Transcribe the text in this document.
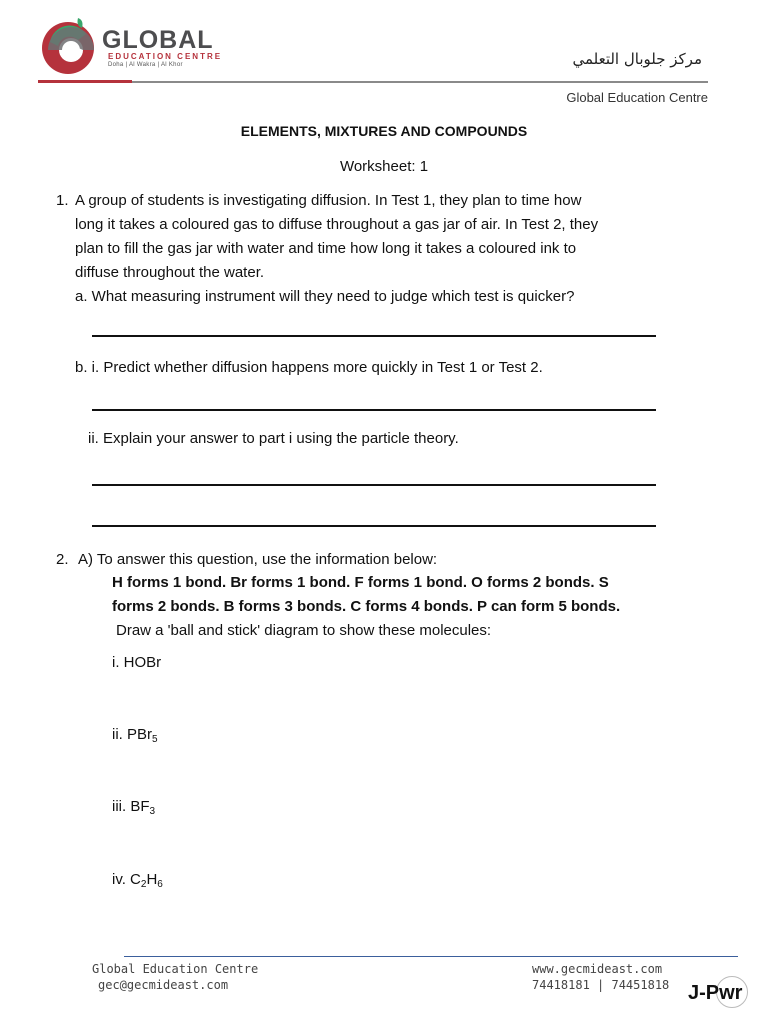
GLOBAL
EDUCATION CENTRE
Doha | Al Wakra | Al Khor	مركز جلوبال التعلمي
Global Education Centre
ELEMENTS, MIXTURES AND COMPOUNDS
Worksheet: 1
1. A group of students is investigating diffusion. In Test 1, they plan to time how
long it takes a coloured gas to diffuse throughout a gas jar of air. In Test 2, they
plan to fill the gas jar with water and time how long it takes a coloured ink to
diffuse throughout the water.
a. What measuring instrument will they need to judge which test is quicker?
b. i. Predict whether diffusion happens more quickly in Test 1 or Test 2.
ii. Explain your answer to part i using the particle theory.
2. A) To answer this question, use the information below:
H forms 1 bond. Br forms 1 bond. F forms 1 bond. O forms 2 bonds. S
forms 2 bonds. B forms 3 bonds. C forms 4 bonds. P can form 5 bonds.
Draw a 'ball and stick' diagram to show these molecules:
i. HOBr
ii. PBr$_5$
iii. $BF_3$
iv. $C_2H_6$
Global Education Centre
gec@gecmideast.com
www.gecmideast.com
74418181 | 74451818 J-Pwr
